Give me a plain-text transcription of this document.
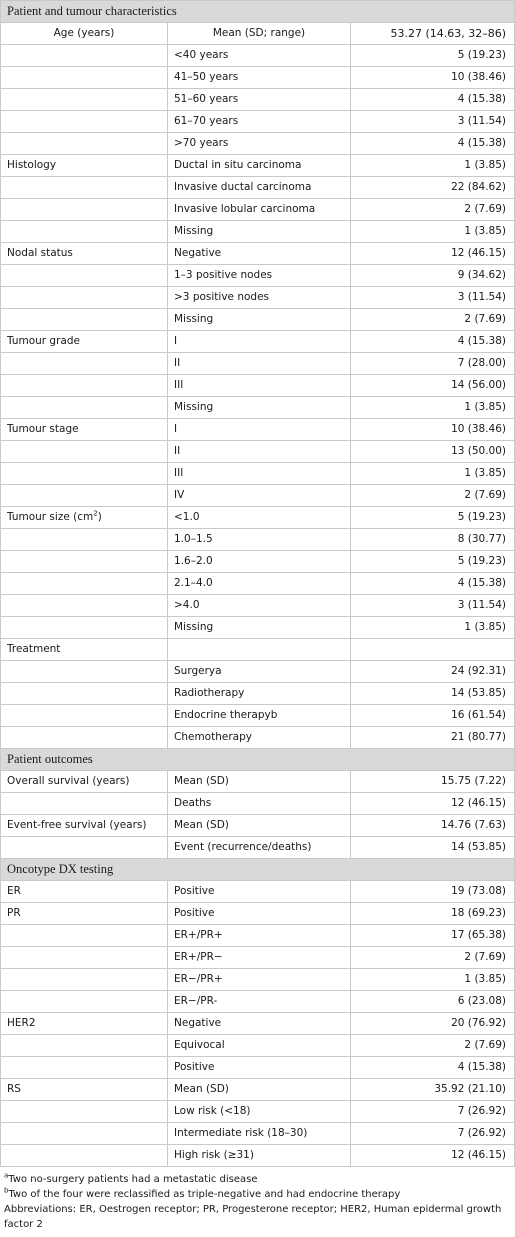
Patient and tumour characteristics		
Age (years)	Mean (SD; range)	53.27 (14.63, 32–86)
	<40 years	5 (19.23)
	41–50 years	10 (38.46)
	51–60 years	4 (15.38)
	61–70 years	3 (11.54)
	>70 years	4 (15.38)
Histology	Ductal in situ carcinoma	1 (3.85)
	Invasive ductal carcinoma	22 (84.62)
	Invasive lobular carcinoma	2 (7.69)
	Missing	1 (3.85)
Nodal status	Negative	12 (46.15)
	1–3 positive nodes	9 (34.62)
	>3 positive nodes	3 (11.54)
	Missing	2 (7.69)
Tumour grade	I	4 (15.38)
	II	7 (28.00)
	III	14 (56.00)
	Missing	1 (3.85)
Tumour stage	I	10 (38.46)
	II	13 (50.00)
	III	1 (3.85)
	IV	2 (7.69)
Tumour size $(cm^2)$	<1.0	5 (19.23)
	1.0–1.5	8 (30.77)
	1.6–2.0	5 (19.23)
	2.1–4.0	4 (15.38)
	>4.0	3 (11.54)
	Missing	1 (3.85)
Treatment		
	Surgerya	24 (92.31)
	Radiotherapy	14 (53.85)
	Endocrine therapyb	16 (61.54)
	Chemotherapy	21 (80.77)
Patient outcomes		
Overall survival (years)	Mean (SD)	15.75 (7.22)
	Deaths	12 (46.15)
Event-free survival (years)	Mean (SD)	14.76 (7.63)
	Event (recurrence/deaths)	14 (53.85)
Oncotype DX testing		
ER	Positive	19 (73.08)
PR	Positive	18 (69.23)
	ER+/PR+	17 (65.38)
	ER+/PR−	2 (7.69)
	ER−/PR+	1 (3.85)
	ER−/PR-	6 (23.08)
HER2	Negative	20 (76.92)
	Equivocal	2 (7.69)
	Positive	4 (15.38)
RS	Mean (SD)	35.92 (21.10)
	Low risk (<18)	7 (26.92)
	Intermediate risk (18–30)	7 (26.92)
	High risk (≥31)	12 (46.15)
$^a$Two no-surgery patients had a metastatic disease
$^b$Two of the four were reclassified as triple-negative and had endocrine therapy
Abbreviations: ER, Oestrogen receptor; PR, Progesterone receptor; HER2, Human epidermal growth factor 2
